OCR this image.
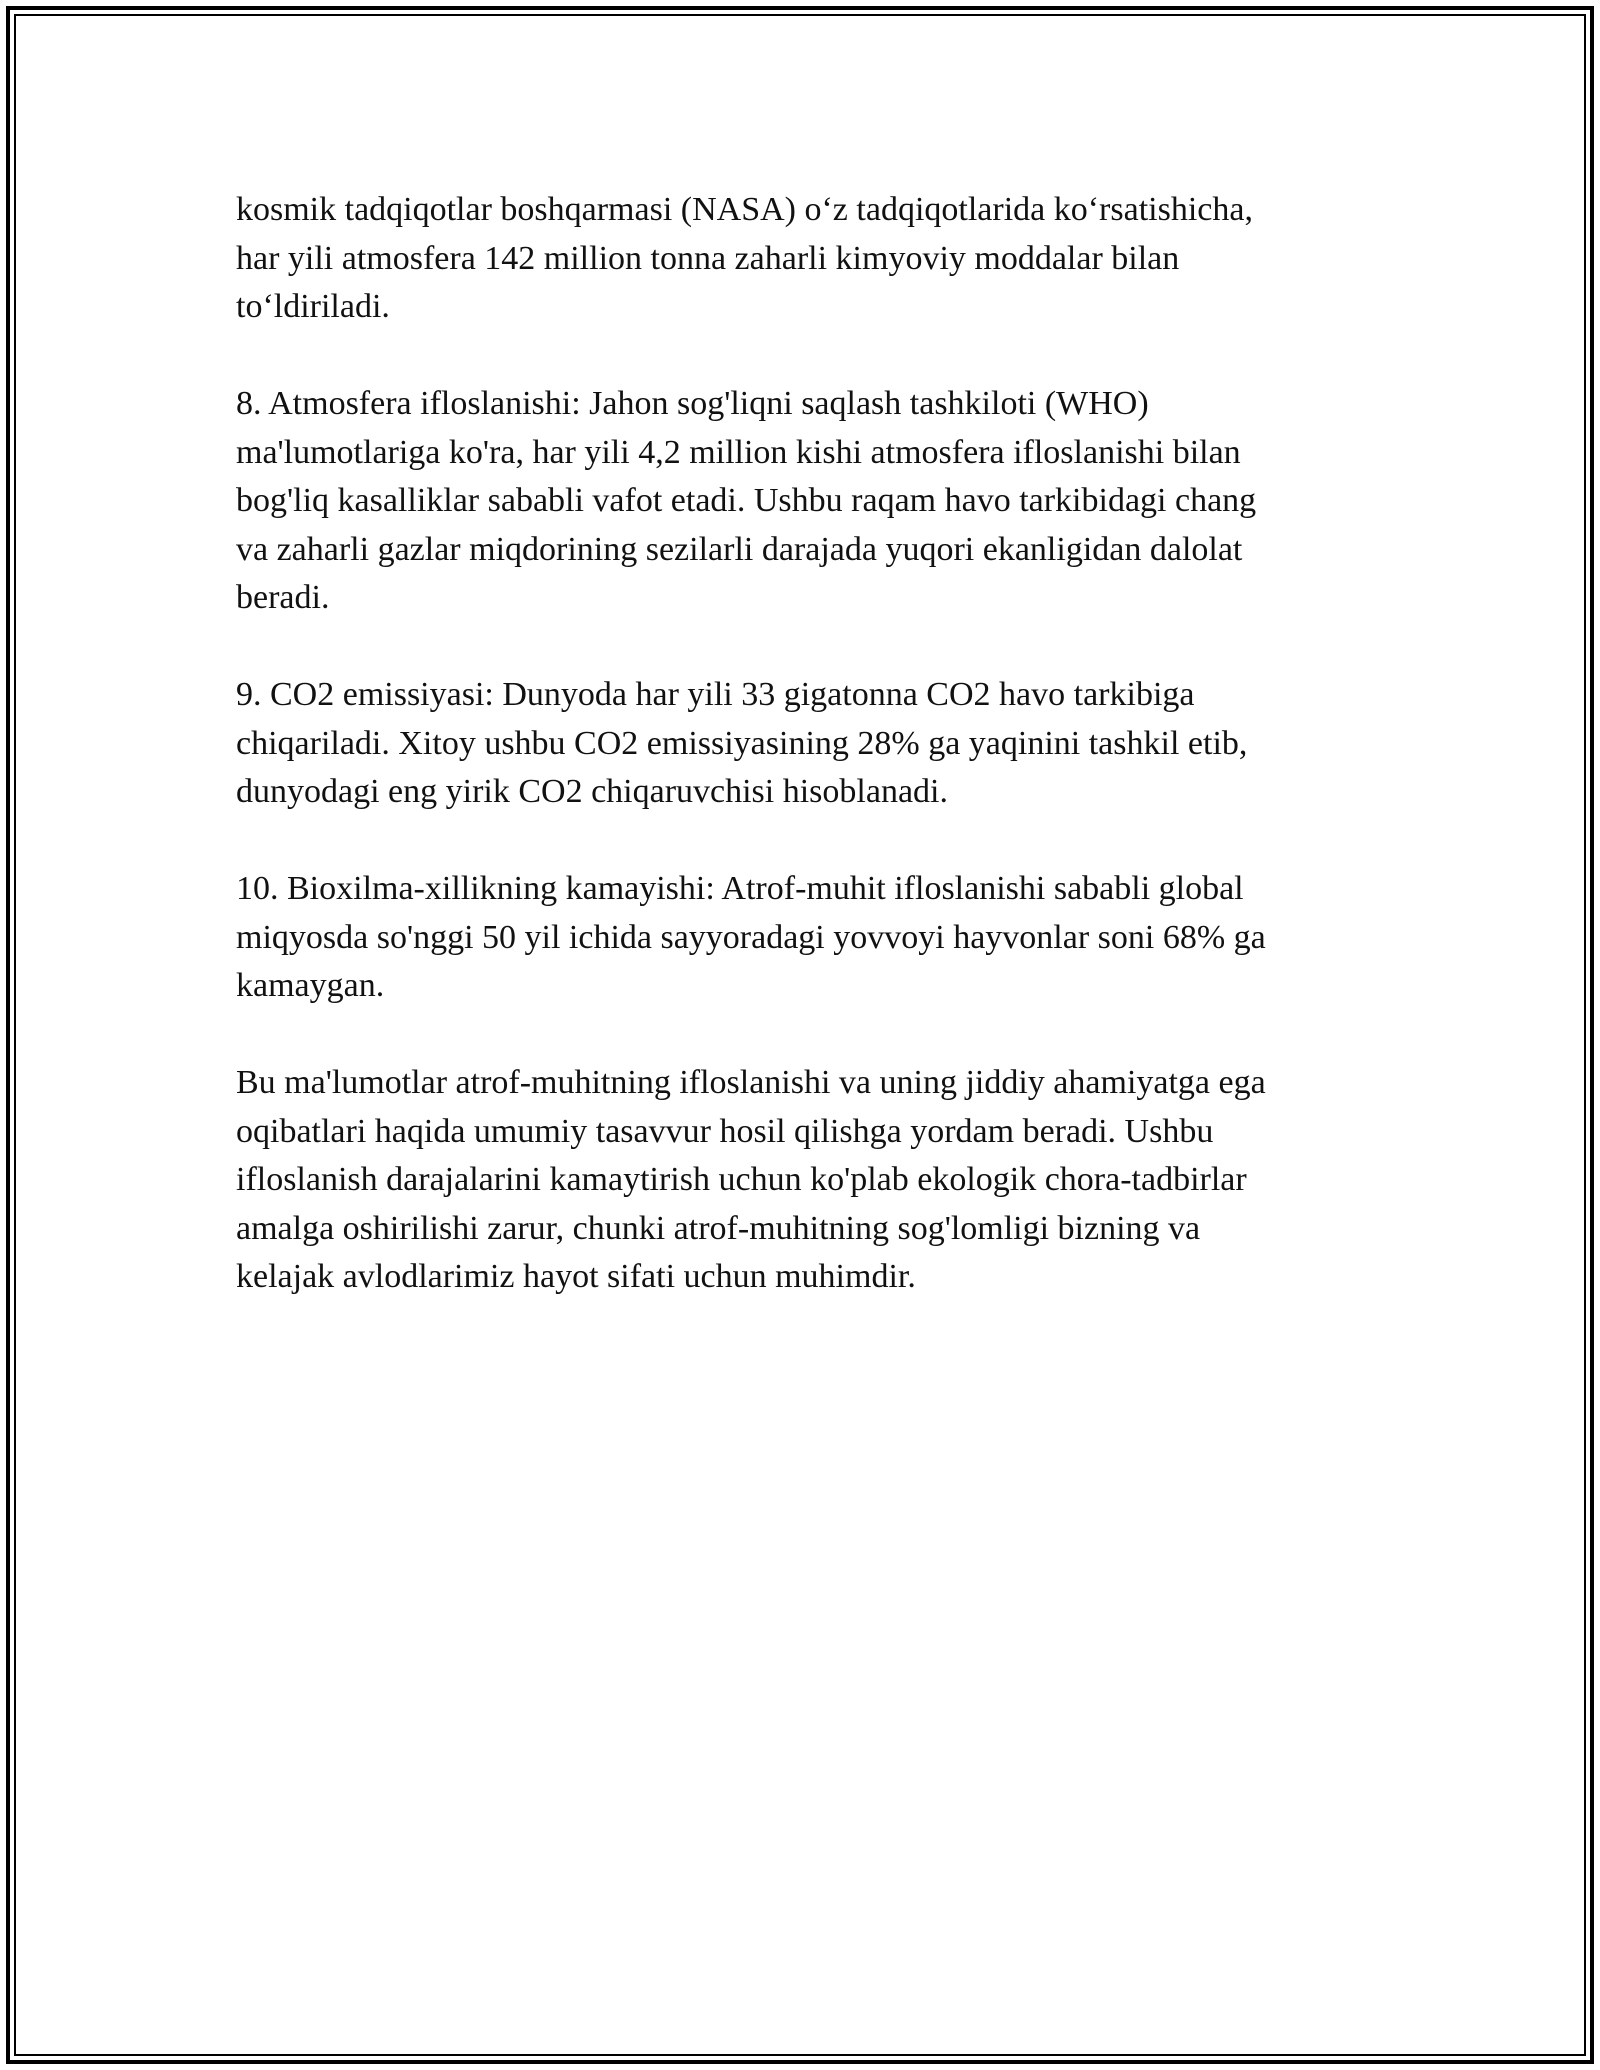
kosmik tadqiqotlar boshqarmasi (NASA) o‘z tadqiqotlarida ko‘rsatishicha,
har yili atmosfera 142 million tonna zaharli kimyoviy moddalar bilan
to‘ldiriladi.

8. Atmosfera ifloslanishi: Jahon sog'liqni saqlash tashkiloti (WHO)
ma'lumotlariga ko'ra, har yili 4,2 million kishi atmosfera ifloslanishi bilan
bog'liq kasalliklar sababli vafot etadi. Ushbu raqam havo tarkibidagi chang
va zaharli gazlar miqdorining sezilarli darajada yuqori ekanligidan dalolat
beradi.

9. CO2 emissiyasi: Dunyoda har yili 33 gigatonna CO2 havo tarkibiga
chiqariladi. Xitoy ushbu CO2 emissiyasining 28% ga yaqinini tashkil etib,
dunyodagi eng yirik CO2 chiqaruvchisi hisoblanadi.

10. Bioxilma-xillikning kamayishi: Atrof-muhit ifloslanishi sababli global
miqyosda so'nggi 50 yil ichida sayyoradagi yovvoyi hayvonlar soni 68% ga
kamaygan.

Bu ma'lumotlar atrof-muhitning ifloslanishi va uning jiddiy ahamiyatga ega
oqibatlari haqida umumiy tasavvur hosil qilishga yordam beradi. Ushbu
ifloslanish darajalarini kamaytirish uchun ko'plab ekologik chora-tadbirlar
amalga oshirilishi zarur, chunki atrof-muhitning sog'lomligi bizning va
kelajak avlodlarimiz hayot sifati uchun muhimdir.
